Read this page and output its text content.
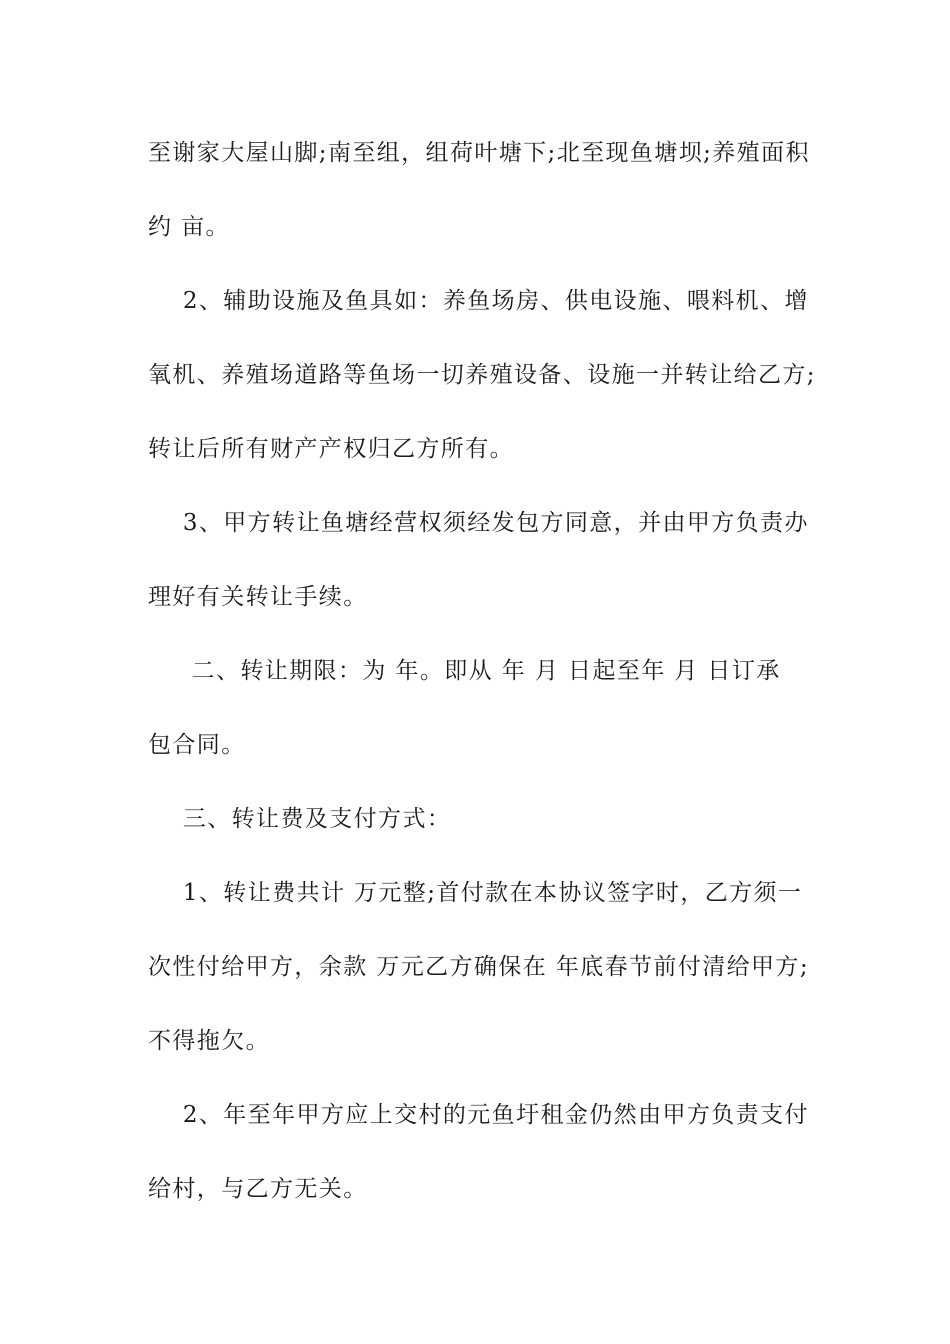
至谢家大屋山脚;南至组，组荷叶塘下;北至现鱼塘坝;养殖面积
约 亩。
2、辅助设施及鱼具如：养鱼场房、供电设施、喂料机、增
氧机、养殖场道路等鱼场一切养殖设备、设施一并转让给乙方;
转让后所有财产产权归乙方所有。
3、甲方转让鱼塘经营权须经发包方同意，并由甲方负责办
理好有关转让手续。
二、转让期限：为 年。即从 年 月 日起至年 月 日订承
包合同。
三、转让费及支付方式：
1、转让费共计 万元整;首付款在本协议签字时，乙方须一
次性付给甲方，余款 万元乙方确保在 年底春节前付清给甲方;
不得拖欠。
2、年至年甲方应上交村的元鱼圩租金仍然由甲方负责支付
给村，与乙方无关。
